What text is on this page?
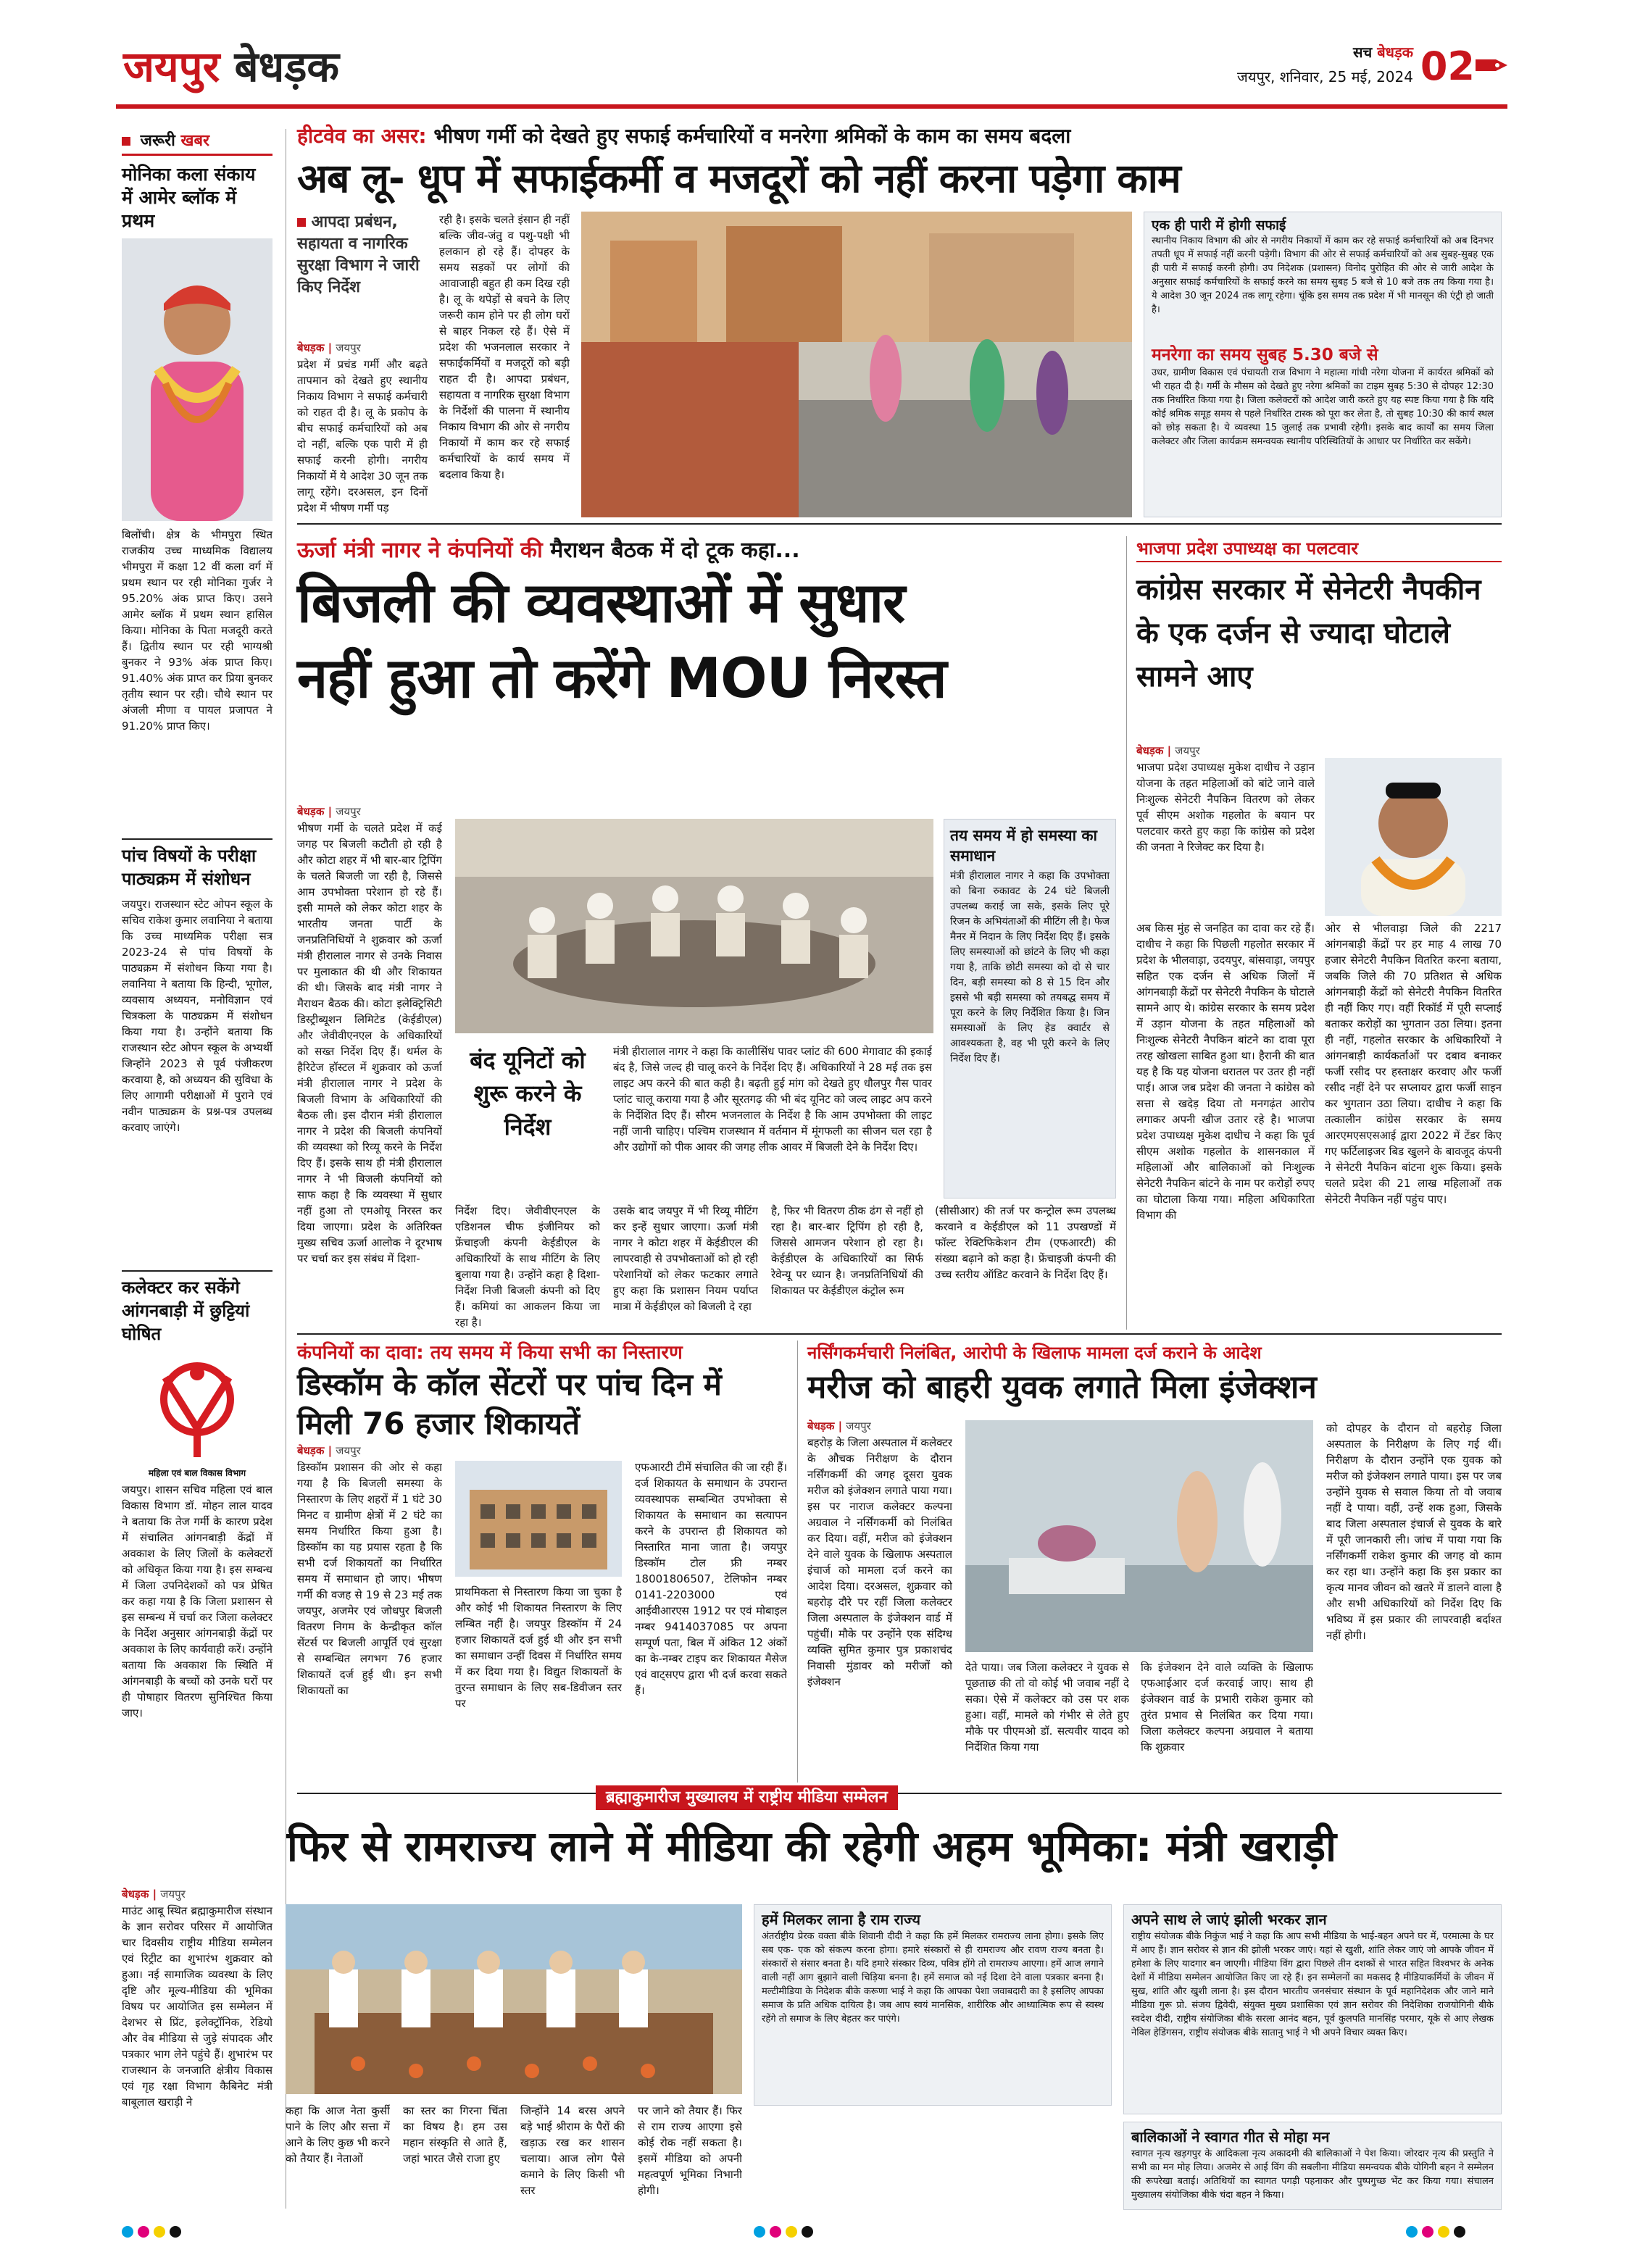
जयपुर बेधड़क	सच बेधड़क
जयपुर, शनिवार, 25 मई, 2024 02
जरूरी खबर
मोनिका कला संकाय में आमेर ब्लॉक में प्रथम
बिलोंची। क्षेत्र के भीमपुरा स्थित राजकीय उच्च माध्यमिक विद्यालय भीमपुरा में कक्षा 12 वीं कला वर्ग में प्रथम स्थान पर रही मोनिका गुर्जर ने 95.20% अंक प्राप्त किए। उसने आमेर ब्लॉक में प्रथम स्थान हासिल किया। मोनिका के पिता मजदूरी करते हैं। द्वितीय स्थान पर रही भाग्यश्री बुनकर ने 93% अंक प्राप्त किए। 91.40% अंक प्राप्त कर प्रिया बुनकर तृतीय स्थान पर रही। चौथे स्थान पर अंजली मीणा व पायल प्रजापत ने 91.20% प्राप्त किए।
पांच विषयों के परीक्षा पाठ्यक्रम में संशोधन
जयपुर। राजस्थान स्टेट ओपन स्कूल के सचिव राकेश कुमार लवानिया ने बताया कि उच्च माध्यमिक परीक्षा सत्र 2023-24 से पांच विषयों के पाठ्यक्रम में संशोधन किया गया है। लवानिया ने बताया कि हिन्दी, भूगोल, व्यवसाय अध्ययन, मनोविज्ञान एवं चित्रकला के पाठ्यक्रम में संशोधन किया गया है। उन्होंने बताया कि राजस्थान स्टेट ओपन स्कूल के अभ्यर्थी जिन्होंने 2023 से पूर्व पंजीकरण करवाया है, को अध्ययन की सुविधा के लिए आगामी परीक्षाओं में पुराने एवं नवीन पाठ्यक्रम के प्रश्न-पत्र उपलब्ध करवाए जाएंगे।
कलेक्टर कर सकेंगे आंगनबाड़ी में छुट्टियां घोषित
महिला एवं बाल विकास विभाग
जयपुर। शासन सचिव महिला एवं बाल विकास विभाग डॉ. मोहन लाल यादव ने बताया कि तेज गर्मी के कारण प्रदेश में संचालित आंगनबाड़ी केंद्रों में अवकाश के लिए जिलों के कलेक्टरों को अधिकृत किया गया है। इस सम्बन्ध में जिला उपनिदेशकों को पत्र प्रेषित कर कहा गया है कि जिला प्रशासन से इस सम्बन्ध में चर्चा कर जिला कलेक्टर के निर्देश अनुसार आंगनबाड़ी केंद्रों पर अवकाश के लिए कार्यवाही करें। उन्होंने बताया कि अवकाश कि स्थिति में आंगनबाड़ी के बच्चों को उनके घरों पर ही पोषाहार वितरण सुनिश्चित किया जाए।
हीटवेव का असर: भीषण गर्मी को देखते हुए सफाई कर्मचारियों व मनरेगा श्रमिकों के काम का समय बदला
अब लू- धूप में सफाईकर्मी व मजदूरों को नहीं करना पड़ेगा काम
आपदा प्रबंधन, सहायता व नागरिक सुरक्षा विभाग ने जारी किए निर्देश
बेधड़क | जयपुर
प्रदेश में प्रचंड गर्मी और बढ़ते तापमान को देखते हुए स्थानीय निकाय विभाग ने सफाई कर्मचारी को राहत दी है। लू के प्रकोप के बीच सफाई कर्मचारियों को अब दो नहीं, बल्कि एक पारी में ही सफाई करनी होगी। नगरीय निकायों में ये आदेश 30 जून तक लागू रहेंगे। दरअसल, इन दिनों प्रदेश में भीषण गर्मी पड़
रही है। इसके चलते इंसान ही नहीं बल्कि जीव-जंतु व पशु-पक्षी भी हलकान हो रहे हैं। दोपहर के समय सड़कों पर लोगों की आवाजाही बहुत ही कम दिख रही है। लू के थपेड़ों से बचने के लिए जरूरी काम होने पर ही लोग घरों से बाहर निकल रहे हैं। ऐसे में प्रदेश की भजनलाल सरकार ने सफाईकर्मियों व मजदूरों को बड़ी राहत दी है। आपदा प्रबंधन, सहायता व नागरिक सुरक्षा विभाग के निर्देशों की पालना में स्थानीय निकाय विभाग की ओर से नगरीय निकायों में काम कर रहे सफाई कर्मचारियों के कार्य समय में बदलाव किया है।
एक ही पारी में होगी सफाई
स्थानीय निकाय विभाग की ओर से नगरीय निकायों में काम कर रहे सफाई कर्मचारियों को अब दिनभर तपती धूप में सफाई नहीं करनी पड़ेगी। विभाग की ओर से सफाई कर्मचारियों को अब सुबह-सुबह एक ही पारी में सफाई करनी होगी। उप निदेशक (प्रशासन) विनोद पुरोहित की ओर से जारी आदेश के अनुसार सफाई कर्मचारियों के सफाई करने का समय सुबह 5 बजे से 10 बजे तक तय किया गया है। ये आदेश 30 जून 2024 तक लागू रहेगा। चूंकि इस समय तक प्रदेश में भी मानसून की एंट्री हो जाती है।
मनरेगा का समय सुबह 5.30 बजे से
उधर, ग्रामीण विकास एवं पंचायती राज विभाग ने महात्मा गांधी नरेगा योजना में कार्यरत श्रमिकों को भी राहत दी है। गर्मी के मौसम को देखते हुए नरेगा श्रमिकों का टाइम सुबह 5:30 से दोपहर 12:30 तक निर्धारित किया गया है। जिला कलेक्टरों को आदेश जारी करते हुए यह स्पष्ट किया गया है कि यदि कोई श्रमिक समूह समय से पहले निर्धारित टास्क को पूरा कर लेता है, तो सुबह 10:30 की कार्य स्थल को छोड़ सकता है। ये व्यवस्था 15 जुलाई तक प्रभावी रहेगी। इसके बाद कार्यों का समय जिला कलेक्टर और जिला कार्यक्रम समन्वयक स्थानीय परिस्थितियों के आधार पर निर्धारित कर सकेंगे।
ऊर्जा मंत्री नागर ने कंपनियों की मैराथन बैठक में दो टूक कहा...
बिजली की व्यवस्थाओं में सुधार
नहीं हुआ तो करेंगे MOU निरस्त
बेधड़क | जयपुर
भीषण गर्मी के चलते प्रदेश में कई जगह पर बिजली कटौती हो रही है और कोटा शहर में भी बार-बार ट्रिपिंग के चलते बिजली जा रही है, जिससे आम उपभोक्ता परेशान हो रहे हैं। इसी मामले को लेकर कोटा शहर के भारतीय जनता पार्टी के जनप्रतिनिधियों ने शुक्रवार को ऊर्जा मंत्री हीरालाल नागर से उनके निवास पर मुलाकात की थी और शिकायत की थी। जिसके बाद मंत्री नागर ने मैराथन बैठक की। कोटा इलेक्ट्रिसिटी डिस्ट्रीब्यूशन लिमिटेड (केईडीएल) और जेवीवीएनएल के अधिकारियों को सख्त निर्देश दिए हैं। थर्मल के हैरिटेज हॉस्टल में शुक्रवार को ऊर्जा मंत्री हीरालाल नागर ने प्रदेश के बिजली विभाग के अधिकारियों की बैठक ली। इस दौरान मंत्री हीरालाल नागर ने प्रदेश की बिजली कंपनियों की व्यवस्था को रिव्यू करने के निर्देश दिए हैं। इसके साथ ही मंत्री हीरालाल नागर ने भी बिजली कंपनियों को साफ कहा है कि व्यवस्था में सुधार नहीं हुआ तो एमओयू निरस्त कर दिया जाएगा। प्रदेश के अतिरिक्त मुख्य सचिव ऊर्जा आलोक ने दूरभाष पर चर्चा कर इस संबंध में दिशा-
तय समय में हो समस्या का समाधान
मंत्री हीरालाल नागर ने कहा कि उपभोक्ता को बिना रुकावट के 24 घंटे बिजली उपलब्ध कराई जा सके, इसके लिए पूरे रिजन के अभियंताओं की मीटिंग ली है। फेज मैनर में निदान के लिए निर्देश दिए हैं। इसके लिए समस्याओं को छांटने के लिए भी कहा गया है, ताकि छोटी समस्या को दो से चार दिन, बड़ी समस्या को 8 से 15 दिन और इससे भी बड़ी समस्या को तयबद्ध समय में पूरा करने के लिए निर्देशित किया है। जिन समस्याओं के लिए हेड क्वार्टर से आवश्यकता है, वह भी पूरी करने के लिए निर्देश दिए हैं।
बंद यूनिटों को शुरू करने के निर्देश
मंत्री हीरालाल नागर ने कहा कि कालीसिंध पावर प्लांट की 600 मेगावाट की इकाई बंद है, जिसे जल्द ही चालू करने के निर्देश दिए हैं। अधिकारियों ने 28 मई तक इस लाइट अप करने की बात कही है। बढ़ती हुई मांग को देखते हुए धौलपुर गैस पावर प्लांट चालू कराया गया है और सूरतगढ़ की भी बंद यूनिट को जल्द लाइट अप करने के निर्देशित दिए हैं। सौरम भजनलाल के निर्देश है कि आम उपभोक्ता की लाइट नहीं जानी चाहिए। पश्चिम राजस्थान में वर्तमान में मूंगफली का सीजन चल रहा है और उद्योगों को पीक आवर की जगह लीक आवर में बिजली देने के निर्देश दिए।
निर्देश दिए। जेवीवीएनएल के एडिशनल चीफ इंजीनियर को फ्रेंचाइजी कंपनी केईडीएल के अधिकारियों के साथ मीटिंग के लिए बुलाया गया है। उन्होंने कहा है दिशा-निर्देश निजी बिजली कंपनी को दिए हैं। कमियां का आकलन किया जा रहा है।
उसके बाद जयपुर में भी रिव्यू मीटिंग कर इन्हें सुधार जाएगा। ऊर्जा मंत्री नागर ने कोटा शहर में केईडीएल की लापरवाही से उपभोक्ताओं को हो रही परेशानियों को लेकर फटकार लगाते हुए कहा कि प्रशासन नियम पर्याप्त मात्रा में केईडीएल को बिजली दे रहा
है, फिर भी वितरण ठीक ढंग से नहीं हो रहा है। बार-बार ट्रिपिंग हो रही है, जिससे आमजन परेशान हो रहा है। केईडीएल के अधिकारियों का सिर्फ रेवेन्यू पर ध्यान है। जनप्रतिनिधियों की शिकायत पर केईडीएल कंट्रोल रूम
(सीसीआर) की तर्ज पर कन्ट्रोल रूम उपलब्ध करवाने व केईडीएल को 11 उपखण्डों में फॉल्ट रेक्टिफिकेशन टीम (एफआरटी) की संख्या बढ़ाने को कहा है। फ्रेंचाइजी कंपनी की उच्च स्तरीय ऑडिट करवाने के निर्देश दिए हैं।
भाजपा प्रदेश उपाध्यक्ष का पलटवार
कांग्रेस सरकार में सेनेटरी नैपकीन के एक दर्जन से ज्यादा घोटाले सामने आए
बेधड़क | जयपुर
भाजपा प्रदेश उपाध्यक्ष मुकेश दाधीच ने उड़ान योजना के तहत महिलाओं को बांटे जाने वाले निःशुल्क सेनेटरी नैपकिन वितरण को लेकर पूर्व सीएम अशोक गहलोत के बयान पर पलटवार करते हुए कहा कि कांग्रेस को प्रदेश की जनता ने रिजेक्ट कर दिया है।
अब किस मुंह से जनहित का दावा कर रहे हैं। दाधीच ने कहा कि पिछली गहलोत सरकार में प्रदेश के भीलवाड़ा, उदयपुर, बांसवाड़ा, जयपुर सहित एक दर्जन से अधिक जिलों में आंगनबाड़ी केंद्रों पर सेनेटरी नैपकिन के घोटाले सामने आए थे। कांग्रेस सरकार के समय प्रदेश में उड़ान योजना के तहत महिलाओं को निःशुल्क सेनेटरी नैपकिन बांटने का दावा पूरा तरह खोखला साबित हुआ था। हैरानी की बात यह है कि यह योजना धरातल पर उतर ही नहीं पाई। आज जब प्रदेश की जनता ने कांग्रेस को सत्ता से खदेड़ दिया तो मनगढ़ंत आरोप लगाकर अपनी खीज उतार रहे है। भाजपा प्रदेश उपाध्यक्ष मुकेश दाधीच ने कहा कि पूर्व सीएम अशोक गहलोत के शासनकाल में महिलाओं और बालिकाओं को निःशुल्क सेनेटरी नैपकिन बांटने के नाम पर करोड़ों रुपए का घोटाला किया गया। महिला अधिकारिता विभाग की
ओर से भीलवाड़ा जिले की 2217 आंगनबाड़ी केंद्रों पर हर माह 4 लाख 70 हजार सेनेटरी नैपकिन वितरित करना बताया, जबकि जिले की 70 प्रतिशत से अधिक आंगनबाड़ी केंद्रों को सेनेटरी नैपकिन वितरित ही नहीं किए गए। वहीं रिकॉर्ड में पूरी सप्लाई बताकर करोड़ों का भुगतान उठा लिया। इतना ही नहीं, गहलोत सरकार के अधिकारियों ने आंगनबाड़ी कार्यकर्ताओं पर दबाव बनाकर फर्जी रसीद पर हस्ताक्षर करवाए और फर्जी रसीद नहीं देने पर सप्लायर द्वारा फर्जी साइन कर भुगतान उठा लिया। दाधीच ने कहा कि तत्कालीन कांग्रेस सरकार के समय आरएमएसएसआई द्वारा 2022 में टेंडर किए गए फर्टिलाइजर बिड खुलने के बावजूद कंपनी ने सेनेटरी नैपकिन बांटना शुरू किया। इसके चलते प्रदेश की 21 लाख महिलाओं तक सेनेटरी नैपकिन नहीं पहुंच पाए।
कंपनियों का दावा: तय समय में किया सभी का निस्तारण
डिस्कॉम के कॉल सेंटरों पर पांच दिन में मिली 76 हजार शिकायतें
बेधड़क | जयपुर
डिस्कॉम प्रशासन की ओर से कहा गया है कि बिजली समस्या के निस्तारण के लिए शहरों में 1 घंटे 30 मिनट व ग्रामीण क्षेत्रों में 2 घंटे का समय निर्धारित किया हुआ है। डिस्कॉम का यह प्रयास रहता है कि सभी दर्ज शिकायतों का निर्धारित समय में समाधान हो जाए। भीषण गर्मी की वजह से 19 से 23 मई तक जयपुर, अजमेर एवं जोधपुर बिजली वितरण निगम के केन्द्रीकृत कॉल सेंटर्स पर बिजली आपूर्ति एवं सुरक्षा से सम्बन्धित लगभग 76 हजार शिकायतें दर्ज हुई थी। इन सभी शिकायतों का
प्राथमिकता से निस्तारण किया जा चुका है और कोई भी शिकायत निस्तारण के लिए लम्बित नहीं है। जयपुर डिस्कॉम में 24 हजार शिकायतें दर्ज हुई थी और इन सभी का समाधान उन्हीं दिवस में निर्धारित समय में कर दिया गया है। विद्युत शिकायतों के तुरन्त समाधान के लिए सब-डिवीजन स्तर पर
एफआरटी टीमें संचालित की जा रही हैं। दर्ज शिकायत के समाधान के उपरान्त व्यवस्थापक सम्बन्धित उपभोक्ता से शिकायत के समाधान का सत्यापन करने के उपरान्त ही शिकायत को निस्तारित माना जाता है। जयपुर डिस्कॉम टोल फ्री नम्बर 18001806507, टेलिफोन नम्बर 0141-2203000 एवं आईवीआरएस 1912 पर एवं मोबाइल नम्बर 9414037085 पर अपना सम्पूर्ण पता, बिल में अंकित 12 अंकों का के-नम्बर टाइप कर शिकायत मैसेज एवं वाट्सएप द्वारा भी दर्ज करवा सकते हैं।
नर्सिंगकर्मचारी निलंबित, आरोपी के खिलाफ मामला दर्ज कराने के आदेश
मरीज को बाहरी युवक लगाते मिला इंजेक्शन
बेधड़क | जयपुर
बहरोड़ के जिला अस्पताल में कलेक्टर के औचक निरीक्षण के दौरान नर्सिंगकर्मी की जगह दूसरा युवक मरीज को इंजेक्शन लगाते पाया गया। इस पर नाराज कलेक्टर कल्पना अग्रवाल ने नर्सिंगकर्मी को निलंबित कर दिया। वहीं, मरीज को इंजेक्शन देने वाले युवक के खिलाफ अस्पताल इंचार्ज को मामला दर्ज करने का आदेश दिया। दरअसल, शुक्रवार को बहरोड़ दौरे पर रहीं जिला कलेक्टर जिला अस्पताल के इंजेक्शन वार्ड में पहुंचीं। मौके पर उन्होंने एक संदिग्ध व्यक्ति सुमित कुमार पुत्र प्रकाशचंद निवासी मुंडावर को मरीजों को इंजेक्शन
देते पाया। जब जिला कलेक्टर ने युवक से पूछताछ की तो वो कोई भी जवाब नहीं दे सका। ऐसे में कलेक्टर को उस पर शक हुआ। वहीं, मामले को गंभीर से लेते हुए मौके पर पीएमओ डॉ. सत्यवीर यादव को निर्देशित किया गया
कि इंजेक्शन देने वाले व्यक्ति के खिलाफ एफआईआर दर्ज करवाई जाए। साथ ही इंजेक्शन वार्ड के प्रभारी राकेश कुमार को तुरंत प्रभाव से निलंबित कर दिया गया। जिला कलेक्टर कल्पना अग्रवाल ने बताया कि शुक्रवार
को दोपहर के दौरान वो बहरोड़ जिला अस्पताल के निरीक्षण के लिए गई थीं। निरीक्षण के दौरान उन्होंने एक युवक को मरीज को इंजेक्शन लगाते पाया। इस पर जब उन्होंने युवक से सवाल किया तो वो जवाब नहीं दे पाया। वहीं, उन्हें शक हुआ, जिसके बाद जिला अस्पताल इंचार्ज से युवक के बारे में पूरी जानकारी ली। जांच में पाया गया कि नर्सिंगकर्मी राकेश कुमार की जगह वो काम कर रहा था। उन्होंने कहा कि इस प्रकार का कृत्य मानव जीवन को खतरे में डालने वाला है और सभी अधिकारियों को निर्देश दिए कि भविष्य में इस प्रकार की लापरवाही बर्दाश्त नहीं होगी।
ब्रह्माकुमारीज मुख्यालय में राष्ट्रीय मीडिया सम्मेलन
फिर से रामराज्य लाने में मीडिया की रहेगी अहम भूमिका: मंत्री खराड़ी
बेधड़क | जयपुर
माउंट आबू स्थित ब्रह्माकुमारीज संस्थान के ज्ञान सरोवर परिसर में आयोजित चार दिवसीय राष्ट्रीय मीडिया सम्मेलन एवं रिट्रीट का शुभारंभ शुक्रवार को हुआ। नई सामाजिक व्यवस्था के लिए दृष्टि और मूल्य-मीडिया की भूमिका विषय पर आयोजित इस सम्मेलन में देशभर से प्रिंट, इलेक्ट्रॉनिक, रेडियो और वेब मीडिया से जुड़े संपादक और पत्रकार भाग लेने पहुंचे हैं। शुभारंभ पर राजस्थान के जनजाति क्षेत्रीय विकास एवं गृह रक्षा विभाग कैबिनेट मंत्री बाबूलाल खराड़ी ने
कहा कि आज नेता कुर्सी पाने के लिए और सत्ता में आने के लिए कुछ भी करने को तैयार हैं। नेताओं
का स्तर का गिरना चिंता का विषय है। हम उस महान संस्कृति से आते हैं, जहां भारत जैसे राजा हुए
जिन्होंने 14 बरस अपने बड़े भाई श्रीराम के पैरों की खड़ाऊ रख कर शासन चलाया। आज लोग पैसे कमाने के लिए किसी भी स्तर
पर जाने को तैयार हैं। फिर से राम राज्य आएगा इसे कोई रोक नहीं सकता है। इसमें मीडिया को अपनी महत्वपूर्ण भूमिका निभानी होगी।
हमें मिलकर लाना है राम राज्य
अंतर्राष्ट्रीय प्रेरक वक्ता बीके शिवानी दीदी ने कहा कि हमें मिलकर रामराज्य लाना होगा। इसके लिए सब एक- एक को संकल्प करना होगा। हमारे संस्कारों से ही रामराज्य और रावण राज्य बनता है। संस्कारों से संसार बनता है। यदि हमारे संस्कार दिव्य, पवित्र होंगे तो रामराज्य आएगा। हमें आज लगाने वाली नहीं आग बुझाने वाली चिड़िया बनना है। हमें समाज को नई दिशा देने वाला पत्रकार बनना है। मल्टीमीडिया के निदेशक बीके करूणा भाई ने कहा कि आपका पेशा जवाबदारी का है इसलिए आपका समाज के प्रति अधिक दायित्व है। जब आप स्वयं मानसिक, शारीरिक और आध्यात्मिक रूप से स्वस्थ रहेंगे तो समाज के लिए बेहतर कर पाएंगे।
अपने साथ ले जाएं झोली भरकर ज्ञान
राष्ट्रीय संयोजक बीके निकुंज भाई ने कहा कि आप सभी मीडिया के भाई-बहन अपने घर में, परमात्मा के घर में आए हैं। ज्ञान सरोवर से ज्ञान की झोली भरकर जाएं। यहां से खुशी, शांति लेकर जाएं जो आपके जीवन में हमेशा के लिए याद‍गार बन जाएगी। मीडिया विंग द्वारा पिछले तीन दशकों से भारत सहित विश्वभर के अनेक देशों में मीडिया सम्मेलन आयोजित किए जा रहे हैं। इन सम्मेलनों का मकसद है मीडियाकर्मियों के जीवन में सुख, शांति और खुशी लाना है। इस दौरान भारतीय जनसंचार संस्थान के पूर्व महानिदेशक और जाने माने मीडिया गुरू प्रो. संजय द्विवेदी, संयुक्त मुख्य प्रशासिका एवं ज्ञान सरोवर की निदेशिका राजयोगिनी बीके स्वदेश दीदी, राष्ट्रीय संयोजिका बीके सरला आनंद बहन, पूर्व कुलपति मानसिंह परमार, यूके से आए लेखक नेविल हेडिंगसन, राष्ट्रीय संयोजक बीके सातानु भाई ने भी अपने विचार व्यक्त किए।
बालिकाओं ने स्वागत गीत से मोहा मन
स्वागत नृत्य खड़गपुर के आदिकला नृत्य अकादमी की बालिकाओं ने पेश किया। जोरदार नृत्य की प्रस्तुति ने सभी का मन मोह लिया। अजमेर से आई विंग की सबलीना मीडिया समन्वयक बीके योगिनी बहन ने सम्मेलन की रूपरेखा बताई। अतिथियों का स्वागत पगड़ी पहनाकर और पुष्पगुच्छ भेंट कर किया गया। संचालन मुख्यालय संयोजिका बीके चंदा बहन ने किया।
